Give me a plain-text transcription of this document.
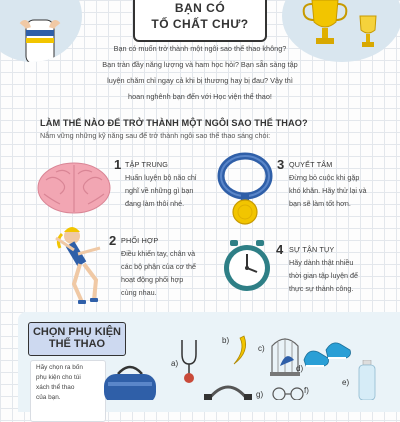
BẠN CÓ
TỐ CHẤT CHƯ?
Bạn có muốn trở thành một ngôi sao thể thao không?
Bạn tràn đầy năng lượng và ham học hỏi? Bạn sẵn sàng tập
luyện chăm chỉ ngay cả khi bị thương hay bị đau? Vậy thì
hoan nghênh bạn đến với Học viện thể thao!
LÀM THẾ NÀO ĐỂ TRỞ THÀNH MỘT NGÔI SAO THỂ THAO?
Nắm vững những kỹ năng sau để trở thành ngôi sao thể thao sáng chói:
1 TẬP TRUNG
Huấn luyện bộ não chỉ
nghĩ về những gì bạn
đang làm thôi nhé.
3 QUYẾT TÂM
Đừng bỏ cuộc khi gặp
khó khăn. Hãy thử lại và
bạn sẽ làm tốt hơn.
2 PHỐI HỢP
Điều khiển tay, chân và
các bộ phận của cơ thể
hoạt động phối hợp
cùng nhau.
4 SỰ TẬN TỤY
Hãy dành thật nhiều
thời gian tập luyện để
thực sự thành công.
CHỌN PHỤ KIỆN
THỂ THAO
Hãy chọn ra bốn
phụ kiện cho túi
xách thể thao
của bạn.
a)
b)
c)
d)
e)
f)
g)
